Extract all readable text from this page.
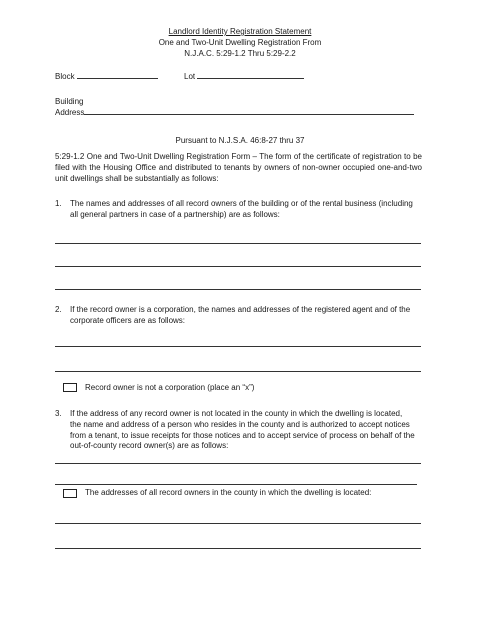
Landlord Identity Registration Statement
One and Two-Unit Dwelling Registration From
N.J.A.C. 5:29-1.2 Thru 5:29-2.2
Block	Lot
Building
Address
Pursuant to N.J.S.A. 46:8-27 thru 37
5:29-1.2 One and Two-Unit Dwelling Registration Form – The form of the certificate of registration to be filed with the Housing Office and distributed to tenants by owners of non-owner occupied one-and-two unit dwellings shall be substantially as follows:
1. The names and addresses of all record owners of the building or of the rental business (including all general partners in case of a partnership) are as follows:
2. If the record owner is a corporation, the names and addresses of the registered agent and of the corporate officers are as follows:
Record owner is not a corporation (place an “x”)
3. If the address of any record owner is not located in the county in which the dwelling is located, the name and address of a person who resides in the county and is authorized to accept notices from a tenant, to issue receipts for those notices and to accept service of process on behalf of the out-of-county record owner(s) are as follows:
The addresses of all record owners in the county in which the dwelling is located:
